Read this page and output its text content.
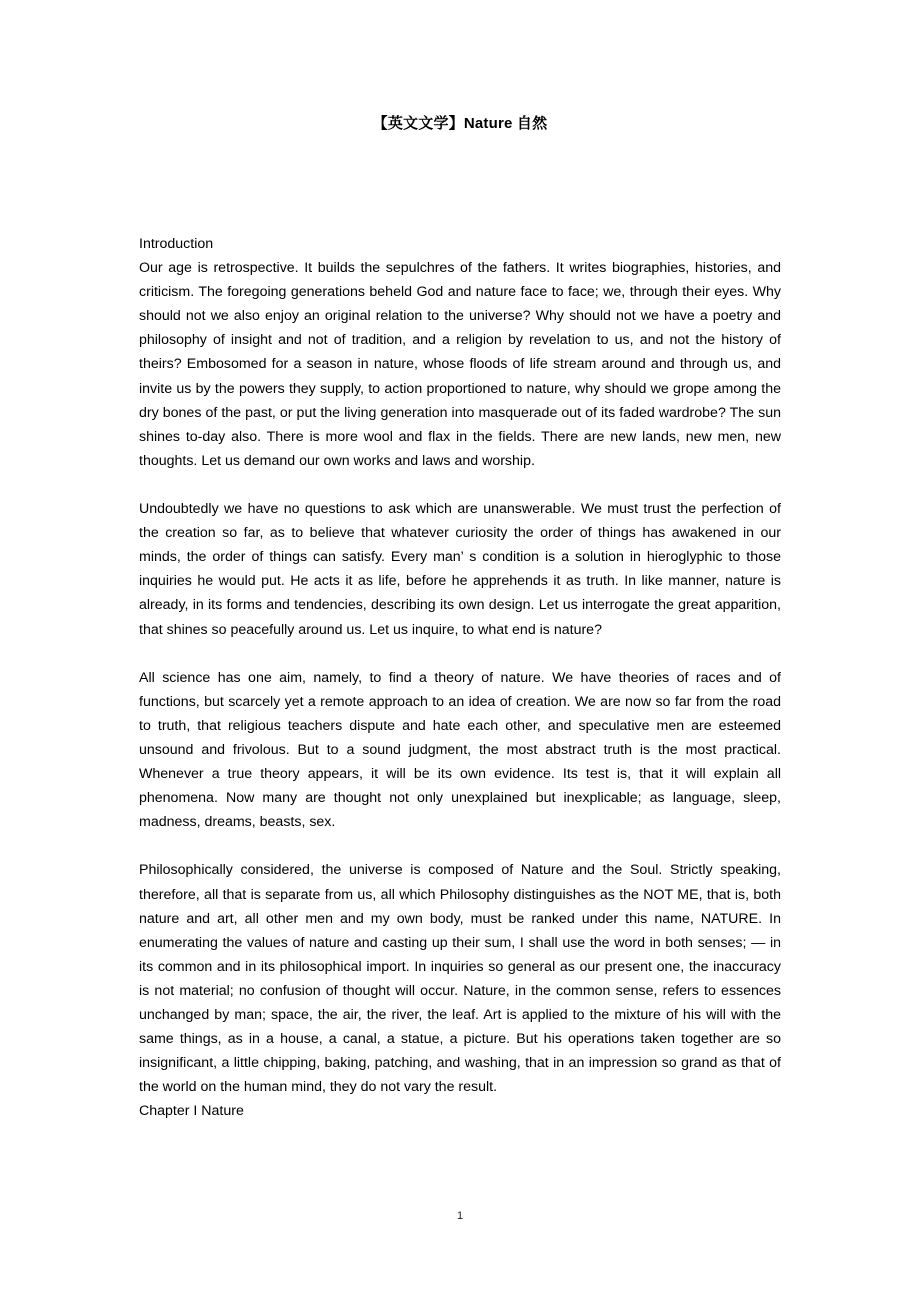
【英文文学】Nature 自然
Introduction

Our age is retrospective. It builds the sepulchres of the fathers. It writes biographies, histories, and criticism. The foregoing generations beheld God and nature face to face; we, through their eyes. Why should not we also enjoy an original relation to the universe? Why should not we have a poetry and philosophy of insight and not of tradition, and a religion by revelation to us, and not the history of theirs? Embosomed for a season in nature, whose floods of life stream around and through us, and invite us by the powers they supply, to action proportioned to nature, why should we grope among the dry bones of the past, or put the living generation into masquerade out of its faded wardrobe? The sun shines to-day also. There is more wool and flax in the fields. There are new lands, new men, new thoughts. Let us demand our own works and laws and worship.

Undoubtedly we have no questions to ask which are unanswerable. We must trust the perfection of the creation so far, as to believe that whatever curiosity the order of things has awakened in our minds, the order of things can satisfy. Every man’ s condition is a solution in hieroglyphic to those inquiries he would put. He acts it as life, before he apprehends it as truth. In like manner, nature is already, in its forms and tendencies, describing its own design. Let us interrogate the great apparition, that shines so peacefully around us. Let us inquire, to what end is nature?

All science has one aim, namely, to find a theory of nature. We have theories of races and of functions, but scarcely yet a remote approach to an idea of creation. We are now so far from the road to truth, that religious teachers dispute and hate each other, and speculative men are esteemed unsound and frivolous. But to a sound judgment, the most abstract truth is the most practical. Whenever a true theory appears, it will be its own evidence. Its test is, that it will explain all phenomena. Now many are thought not only unexplained but inexplicable; as language, sleep, madness, dreams, beasts, sex.

Philosophically considered, the universe is composed of Nature and the Soul. Strictly speaking, therefore, all that is separate from us, all which Philosophy distinguishes as the NOT ME, that is, both nature and art, all other men and my own body, must be ranked under this name, NATURE. In enumerating the values of nature and casting up their sum, I shall use the word in both senses; — in its common and in its philosophical import. In inquiries so general as our present one, the inaccuracy is not material; no confusion of thought will occur. Nature, in the common sense, refers to essences unchanged by man; space, the air, the river, the leaf. Art is applied to the mixture of his will with the same things, as in a house, a canal, a statue, a picture. But his operations taken together are so insignificant, a little chipping, baking, patching, and washing, that in an impression so grand as that of the world on the human mind, they do not vary the result.

Chapter I Nature
1
